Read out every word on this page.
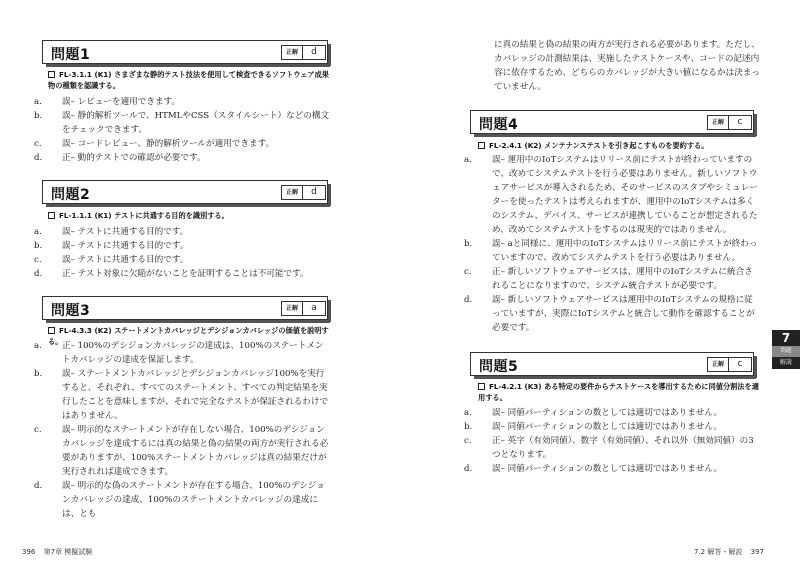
問題1	正解	d
FL-3.1.1 (K1) さまざまな静的テスト技法を使用して検査できるソフトウェア成果物の種類を認識する。
a. 誤– レビューを適用できます。
b. 誤– 静的解析ツールで、HTMLやCSS（スタイルシート）などの構文をチェックできます。
c. 誤– コードレビュー、静的解析ツールが適用できます。
d. 正– 動的テストでの確認が必要です。
問題2	正解	d
FL-1.1.1 (K1) テストに共通する目的を識別する。
a. 誤– テストに共通する目的です。
b. 誤– テストに共通する目的です。
c. 誤– テストに共通する目的です。
d. 正– テスト対象に欠陥がないことを証明することは不可能です。
問題3	正解	a
FL-4.3.3 (K2) ステートメントカバレッジとデシジョンカバレッジの価値を説明する。
a. 正– 100%のデシジョンカバレッジの達成は、100%のステートメントカバレッジの達成を保証します。
b. 誤– ステートメントカバレッジとデシジョンカバレッジ100%を実行すると、それぞれ、すべてのステートメント、すべての判定結果を実行したことを意味しますが、それで完全なテストが保証されるわけではありません。
c. 誤– 明示的なステートメントが存在しない場合、100%のデシジョンカバレッジを達成するには真の結果と偽の結果の両方が実行される必要がありますが、100%ステートメントカバレッジは真の結果だけが実行されれば達成できます。
d. 誤– 明示的な偽のステートメントが存在する場合、100%のデシジョンカバレッジの達成、100%のステートメントカバレッジの達成には、とも
396 第7章 模擬試験
に真の結果と偽の結果の両方が実行される必要があります。ただし、カバレッジの計測結果は、実施したテストケースや、コードの記述内容に依存するため、どちらのカバレッジが大きい値になるかは決まっていません。
問題4	正解	c
FL-2.4.1 (K2) メンテナンステストを引き起こすものを要約する。
a. 誤– 運用中のIoTシステムはリリース前にテストが終わっていますので、改めてシステムテストを行う必要はありません。新しいソフトウェアサービスが導入されるため、そのサービスのスタブやシミュレーターを使ったテストは考えられますが、運用中のIoTシステムは多くのシステム、デバイス、サービスが連携していることが想定されるため、改めてシステムテストをするのは現実的ではありません。
b. 誤– aと同様に、運用中のIoTシステムはリリース前にテストが終わっていますので、改めてシステムテストを行う必要はありません。
c. 正– 新しいソフトウェアサービスは、運用中のIoTシステムに統合されることになりますので、システム統合テストが必要です。
d. 誤– 新しいソフトウェアサービスは運用中のIoTシステムの規格に従っていますが、実際にIoTシステムと統合して動作を確認することが必要です。
問題5	正解	c
FL-4.2.1 (K3) ある特定の要件からテストケースを導出するために同値分割法を適用する。
a. 誤– 同値パーティションの数としては適切ではありません。
b. 誤– 同値パーティションの数としては適切ではありません。
c. 正– 英字（有効同値）、数字（有効同値）、それ以外（無効同値）の3つとなります。
d. 誤– 同値パーティションの数としては適切ではありません。
7.2 解答・解説 397
7
問題
解説
